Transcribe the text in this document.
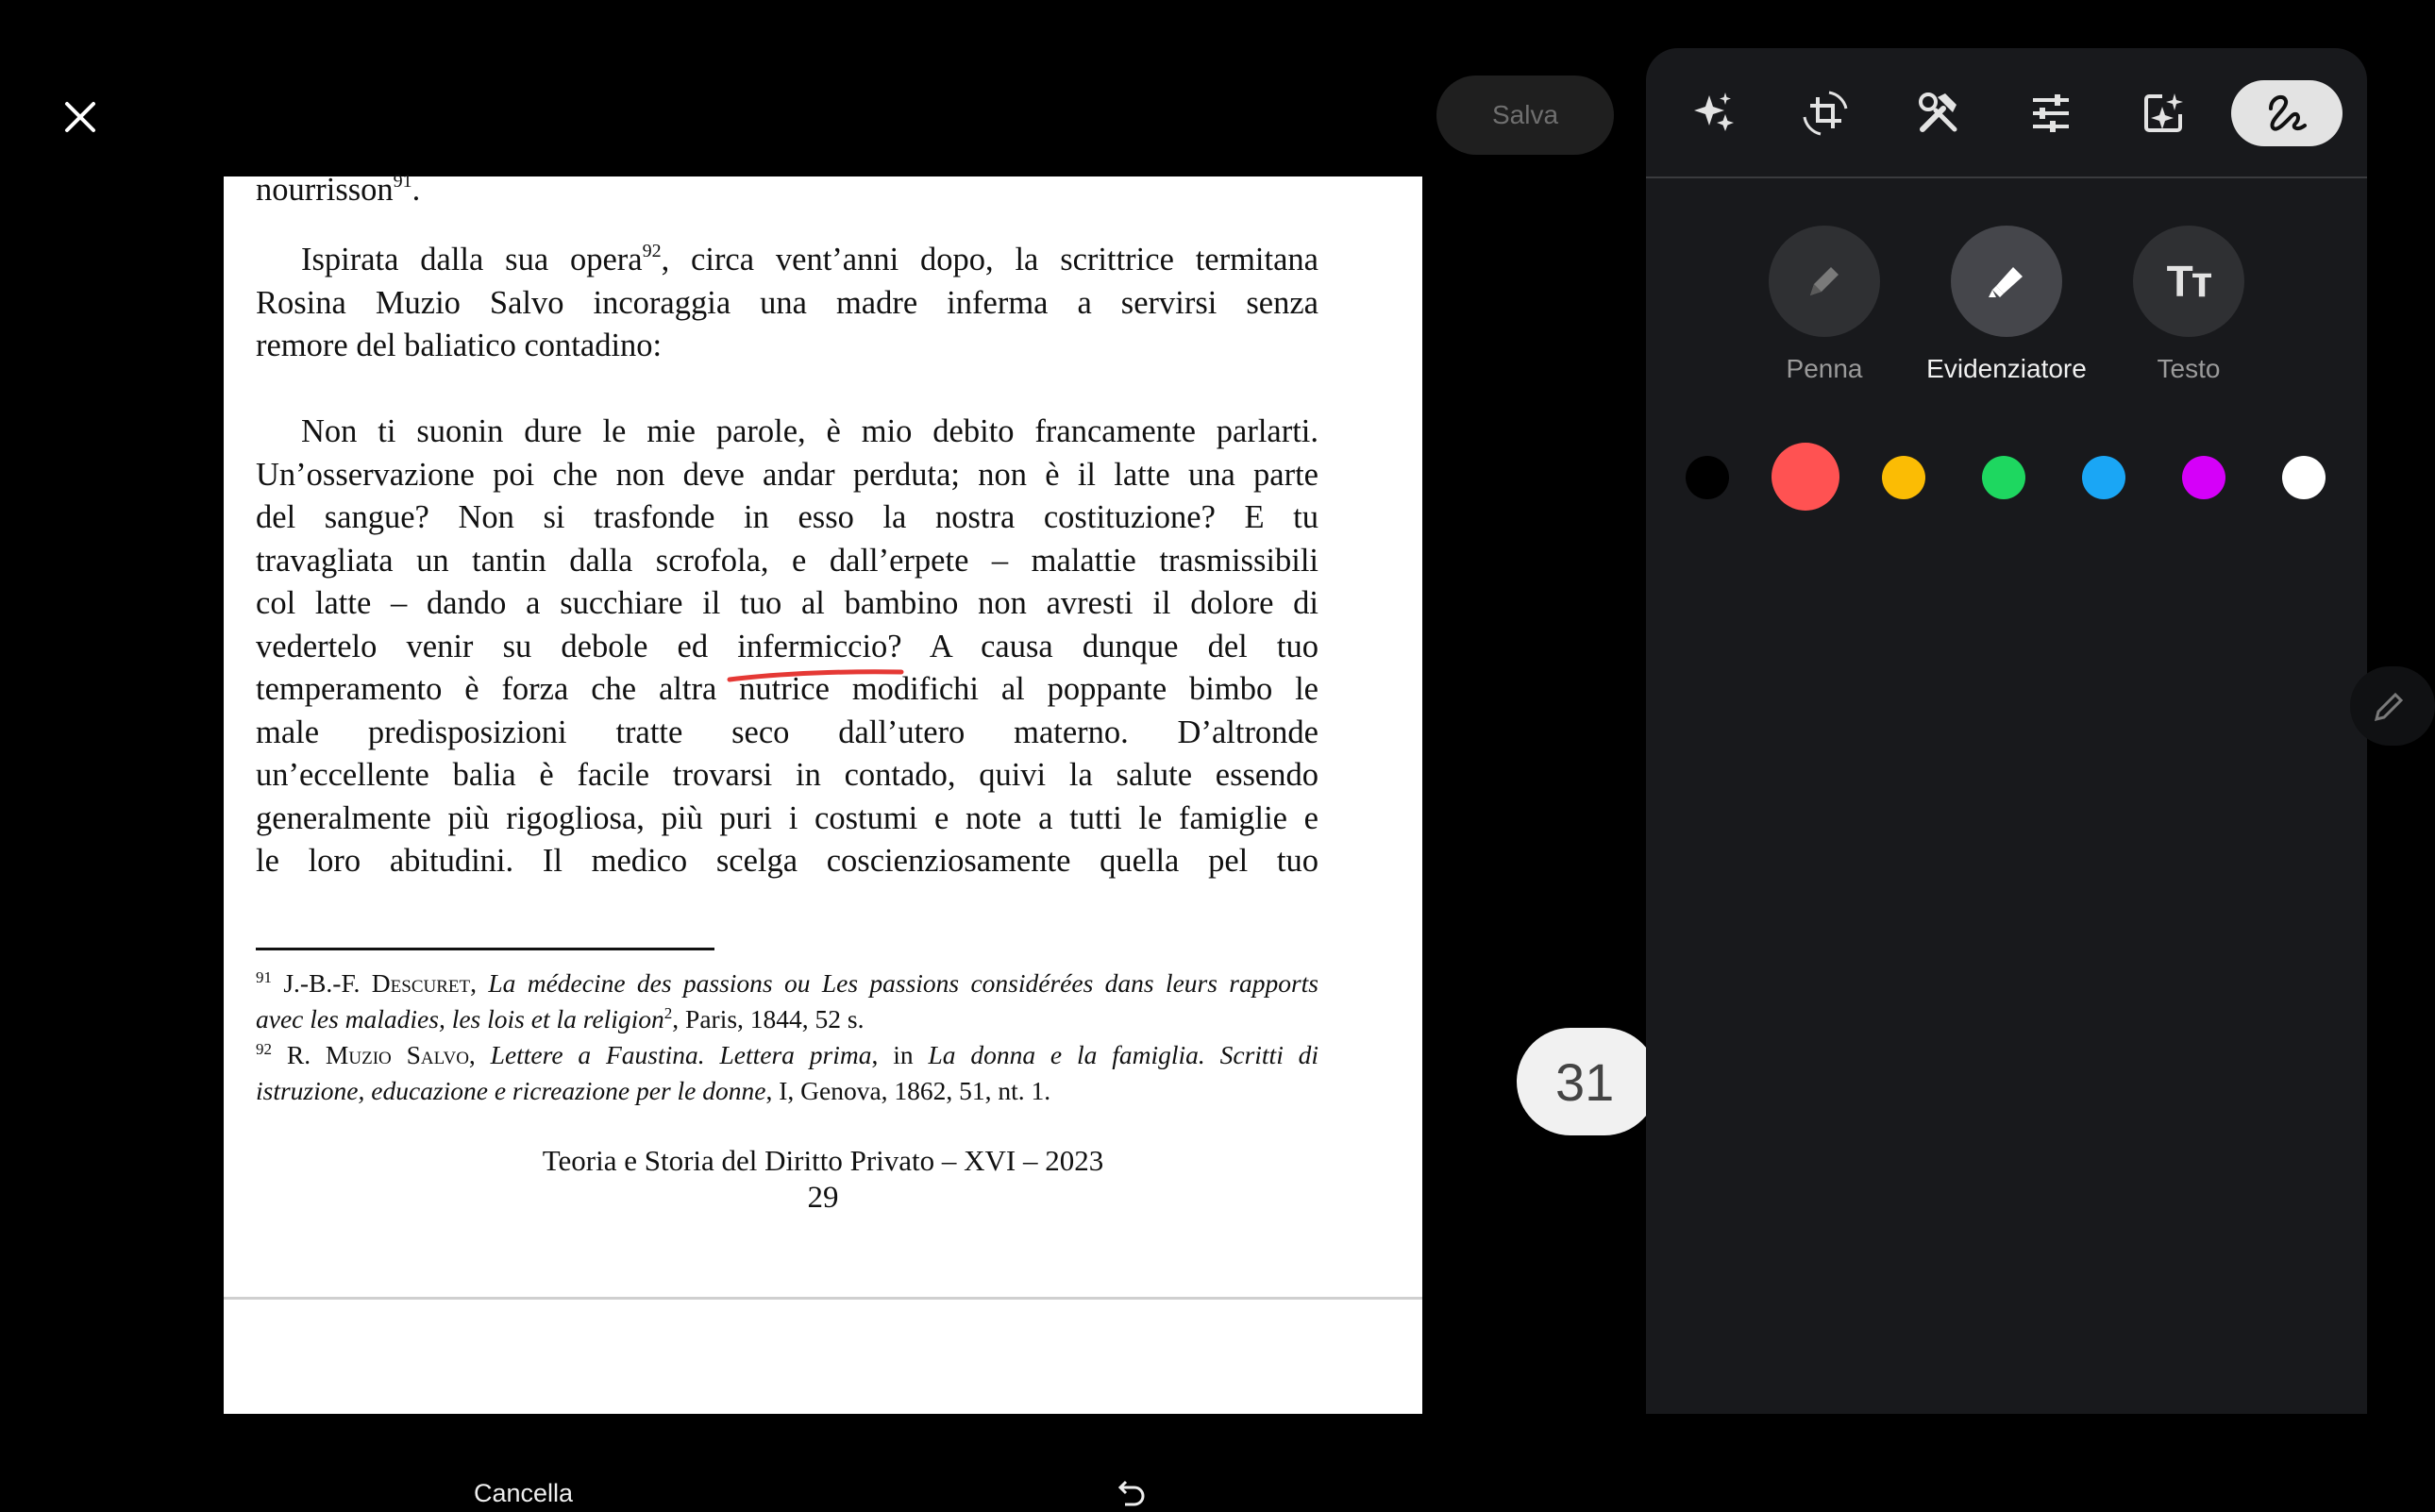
Salva

nourrisson$^{91}$.

Ispirata dalla sua opera$^{92}$, circa vent’anni dopo, la scrittrice termitana

Rosina Muzio Salvo incoraggia una madre inferma a servirsi senza

remore del baliatico contadino:

Non ti suonin dure le mie parole, è mio debito francamente parlarti.

Un’osservazione poi che non deve andar perduta; non è il latte una parte

del sangue? Non si trasfonde in esso la nostra costituzione? E tu

travagliata un tantin dalla scrofola, e dall’erpete – malattie trasmissibili

col latte – dando a succhiare il tuo al bambino non avresti il dolore di

vedertelo venir su debole ed infermiccio? A causa dunque del tuo

temperamento è forza che altra nutrice modifichi al poppante bimbo le

male predisposizioni tratte seco dall’utero materno. D’altronde

un’eccellente balia è facile trovarsi in contado, quivi la salute essendo

generalmente più rigogliosa, più puri i costumi e note a tutti le famiglie e

le loro abitudini. Il medico scelga coscienziosamente quella pel tuo

$^{91}$ J.-B.-F. Descuret, La médecine des passions ou Les passions considérées dans leurs rapports
avec les maladies, les lois et la religion$^2$, Paris, 1844, 52 s.
$^{92}$ R. Muzio Salvo, Lettere a Faustina. Lettera prima, in La donna e la famiglia. Scritti di
istruzione, educazione e ricreazione per le donne, I, Genova, 1862, 51, nt. 1.
Teoria e Storia del Diritto Privato – XVI – 2023
29
31
Cancella
Penna	Evidenziatore
Tт
Testo
